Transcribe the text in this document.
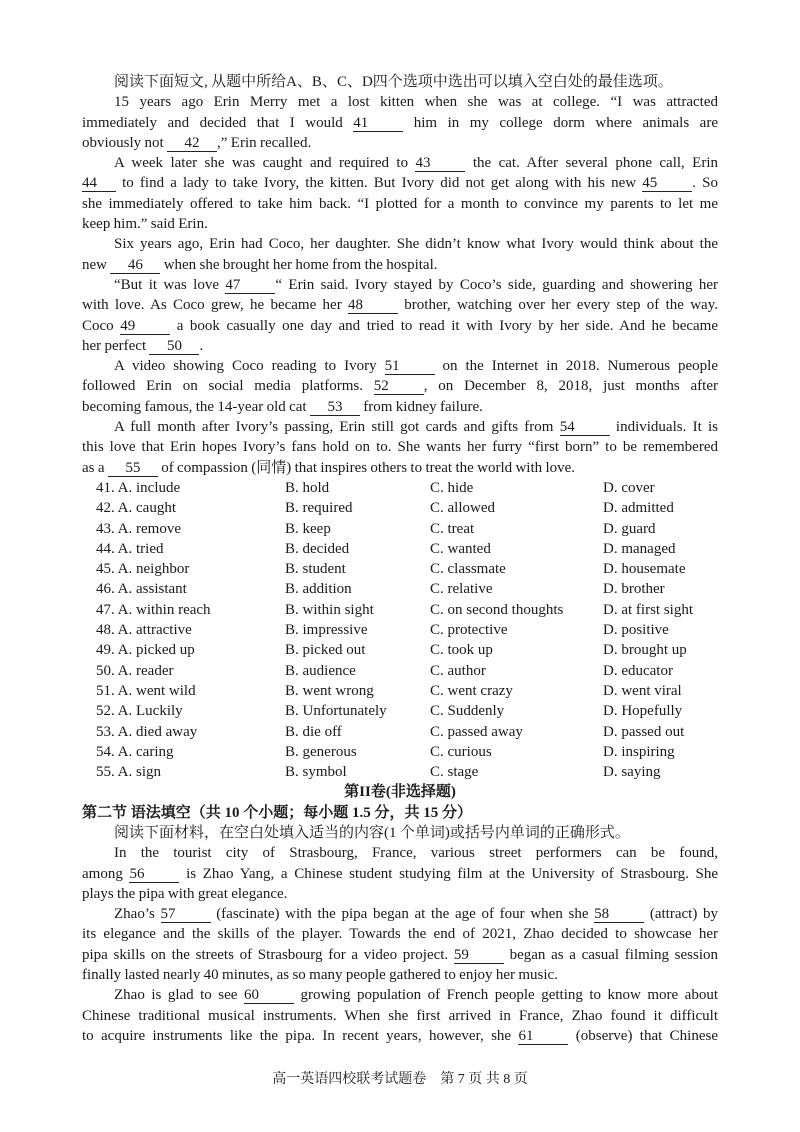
阅读下面短文, 从题中所给A、B、C、D四个选项中选出可以填入空白处的最佳选项。
15 years ago Erin Merry met a lost kitten when she was at college. “I was attracted
immediately and decided that I would 41 him in my college dorm where animals are
obviously not 42 ,” Erin recalled.
A week later she was caught and required to 43 the cat. After several phone call, Erin
44 to find a lady to take Ivory, the kitten. But Ivory did not get along with his new 45 . So
she immediately offered to take him back. “I plotted for a month to convince my parents to let me
keep him.” said Erin.
Six years ago, Erin had Coco, her daughter. She didn’t know what Ivory would think about the
new 46 when she brought her home from the hospital.
“But it was love 47 “ Erin said. Ivory stayed by Coco’s side, guarding and showering her
with love. As Coco grew, he became her 48 brother, watching over her every step of the way.
Coco 49 a book casually one day and tried to read it with Ivory by her side. And he became
her perfect 50 .
A video showing Coco reading to Ivory 51 on the Internet in 2018. Numerous people
followed Erin on social media platforms. 52 , on December 8, 2018, just months after
becoming famous, the 14-year old cat 53 from kidney failure.
A full month after Ivory’s passing, Erin still got cards and gifts from 54 individuals. It is
this love that Erin hopes Ivory’s fans hold on to. She wants her furry “first born” to be remembered
as a 55 of compassion (同情) that inspires others to treat the world with love.
41. A. include	B. hold	C. hide	D. cover
42. A. caught	B. required	C. allowed	D. admitted
43. A. remove	B. keep	C. treat	D. guard
44. A. tried	B. decided	C. wanted	D. managed
45. A. neighbor	B. student	C. classmate	D. housemate
46. A. assistant	B. addition	C. relative	D. brother
47. A. within reach	B. within sight	C. on second thoughts	D. at first sight
48. A. attractive	B. impressive	C. protective	D. positive
49. A. picked up	B. picked out	C. took up	D. brought up
50. A. reader	B. audience	C. author	D. educator
51. A. went wild	B. went wrong	C. went crazy	D. went viral
52. A. Luckily	B. Unfortunately	C. Suddenly	D. Hopefully
53. A. died away	B. die off	C. passed away	D. passed out
54. A. caring	B. generous	C. curious	D. inspiring
55. A. sign	B. symbol	C. stage	D. saying
第II卷(非选择题)
第二节 语法填空（共 10 个小题；每小题 1.5 分，共 15 分）
阅读下面材料，在空白处填入适当的内容(1 个单词)或括号内单词的正确形式。
In the tourist city of Strasbourg, France, various street performers can be found,
among 56 is Zhao Yang, a Chinese student studying film at the University of Strasbourg. She
plays the pipa with great elegance.
Zhao’s 57 (fascinate) with the pipa began at the age of four when she 58 (attract) by
its elegance and the skills of the player. Towards the end of 2021, Zhao decided to showcase her
pipa skills on the streets of Strasbourg for a video project. 59 began as a casual filming session
finally lasted nearly 40 minutes, as so many people gathered to enjoy her music.
Zhao is glad to see 60 growing population of French people getting to know more about
Chinese traditional musical instruments. When she first arrived in France, Zhao found it difficult
to acquire instruments like the pipa. In recent years, however, she 61 (observe) that Chinese
高一英语四校联考试题卷　第 7 页 共 8 页
